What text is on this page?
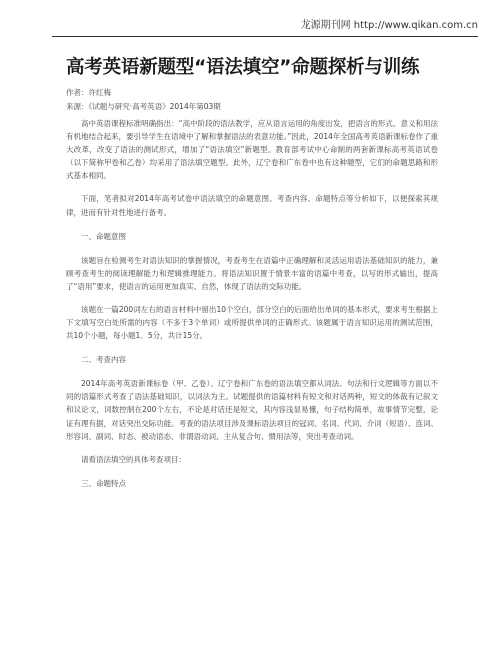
龙源期刊网 http://www.qikan.com.cn
高考英语新题型“语法填空”命题探析与训练
作者：许红梅
来源：《试题与研究·高考英语》2014年第03期

高中英语课程标准明确指出：“高中阶段的语法教学，应从语言运用的角度出发，把语言的形式、意义和用法有机地结合起来，要引导学生在语境中了解和掌握语法的表意功能。”因此，2014年全国高考英语新课标卷作了重大改革，改变了语法的测试形式，增加了“语法填空”新题型。教育部考试中心命制的两套新课标高考英语试卷（以下简称甲卷和乙卷）均采用了语法填空题型。此外，辽宁卷和广东卷中也有这种题型，它们的命题思路和形式基本相同。

下面，笔者拟对2014年高考试卷中语法填空的命题意图、考查内容、命题特点等分析如下，以便探索其规律，进而有针对性地进行备考。

一、命题意图

该题旨在检测考生对语法知识的掌握情况，考查考生在语篇中正确理解和灵活运用语法基础知识的能力，兼顾考查考生的阅读理解能力和逻辑推理能力。将语法知识置于情景丰富的语篇中考查，以写的形式输出，提高了“语用”要求，使语言的运用更加真实、自然，体现了语法的交际功能。

该题在一篇200词左右的语言材料中留出10个空白，部分空白的后面给出单词的基本形式，要求考生根据上下文填写空白处所需的内容（不多于3个单词）或所提供单词的正确形式。该题属于语言知识运用的测试范围，共10个小题，每小题1．5分，共计15分。

二、考查内容

2014年高考英语新课标卷（甲、乙卷）、辽宁卷和广东卷的语法填空都从词法、句法和行文逻辑等方面以不同的语篇形式考查了语法基础知识，以词法为主。试题提供的语篇材料有短文和对话两种，短文的体裁有记叙文和议论文，词数控制在200个左右，不论是对话还是短文，其内容浅显易懂，句子结构简单，故事情节完整，论证有理有据，对话突出交际功能。考查的语法项目涉及课标语法项目的冠词、名词、代词、介词（短语）、连词、形容词、副词、时态、被动语态、非谓语动词、主从复合句、惯用法等，突出考查动词。

请看语法填空的具体考查项目：

三、命题特点
